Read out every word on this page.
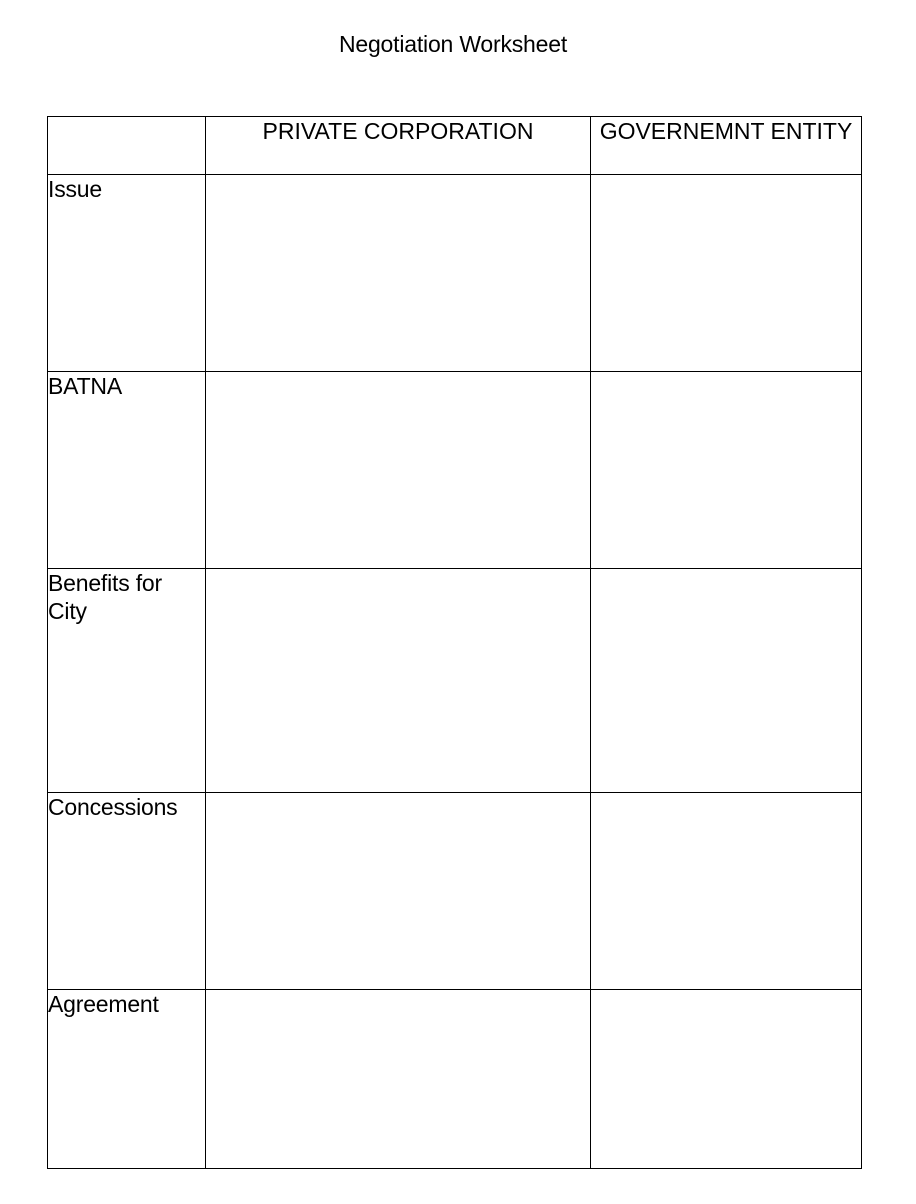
Negotiation Worksheet
	PRIVATE CORPORATION	GOVERNEMNT ENTITY
Issue		
BATNA		
Benefits for City		
Concessions		
Agreement		
